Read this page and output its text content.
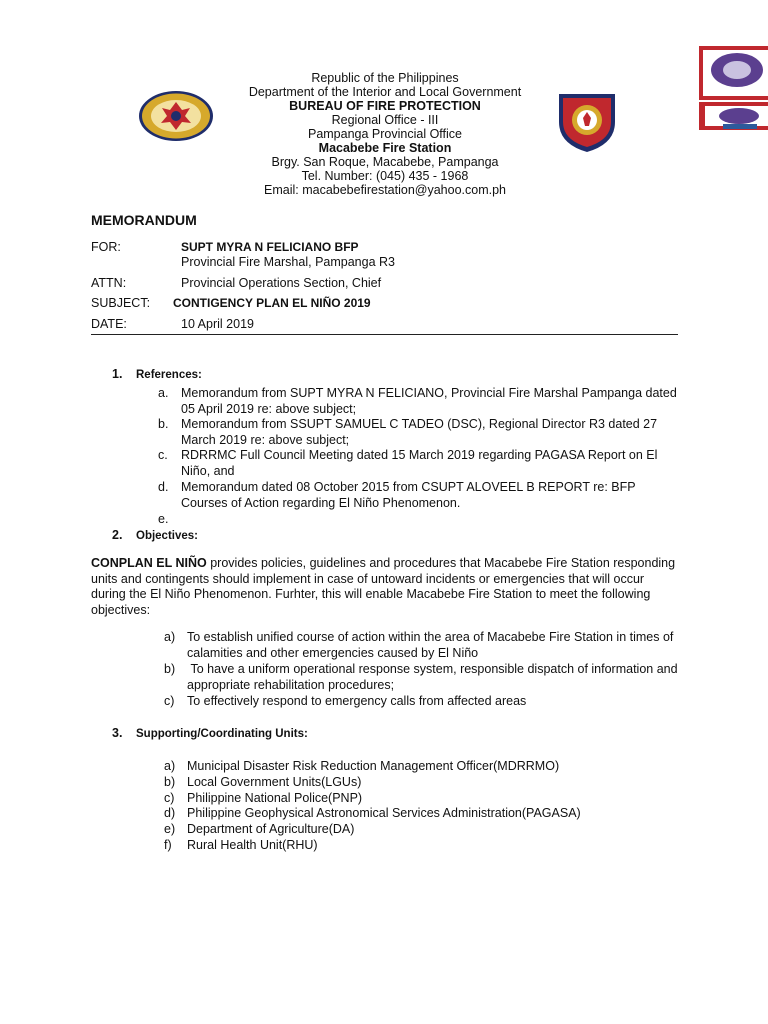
Republic of the Philippines
Department of the Interior and Local Government
BUREAU OF FIRE PROTECTION
Regional Office - III
Pampanga Provincial Office
Macabebe Fire Station
Brgy. San Roque, Macabebe, Pampanga
Tel. Number: (045) 435 - 1968
Email: macabebefirestation@yahoo.com.ph
MEMORANDUM
FOR:	SUPT MYRA N FELICIANO BFP
Provincial Fire Marshal, Pampanga R3
ATTN:	Provincial Operations Section, Chief
SUBJECT: CONTIGENCY PLAN EL NIÑO 2019
DATE:	10 April 2019
1. References:
a. Memorandum from SUPT MYRA N FELICIANO, Provincial Fire Marshal Pampanga dated 05 April 2019 re: above subject;
b. Memorandum from SSUPT SAMUEL C TADEO (DSC), Regional Director R3 dated 27 March 2019 re: above subject;
c. RDRRMC Full Council Meeting dated 15 March 2019 regarding PAGASA Report on El Niño, and
d. Memorandum dated 08 October 2015 from CSUPT ALOVEEL B REPORT re: BFP Courses of Action regarding El Niño Phenomenon.
e.
2. Objectives:
CONPLAN EL NIÑO provides policies, guidelines and procedures that Macabebe Fire Station responding units and contingents should implement in case of untoward incidents or emergencies that will occur during the El Niño Phenomenon. Furhter, this will enable Macabebe Fire Station to meet the following objectives:
a) To establish unified course of action within the area of Macabebe Fire Station in times of calamities and other emergencies caused by El Niño
b) To have a uniform operational response system, responsible dispatch of information and appropriate rehabilitation procedures;
c) To effectively respond to emergency calls from affected areas
3. Supporting/Coordinating Units:
a) Municipal Disaster Risk Reduction Management Officer(MDRRMO)
b) Local Government Units(LGUs)
c) Philippine National Police(PNP)
d) Philippine Geophysical Astronomical Services Administration(PAGASA)
e) Department of Agriculture(DA)
f) Rural Health Unit(RHU)
